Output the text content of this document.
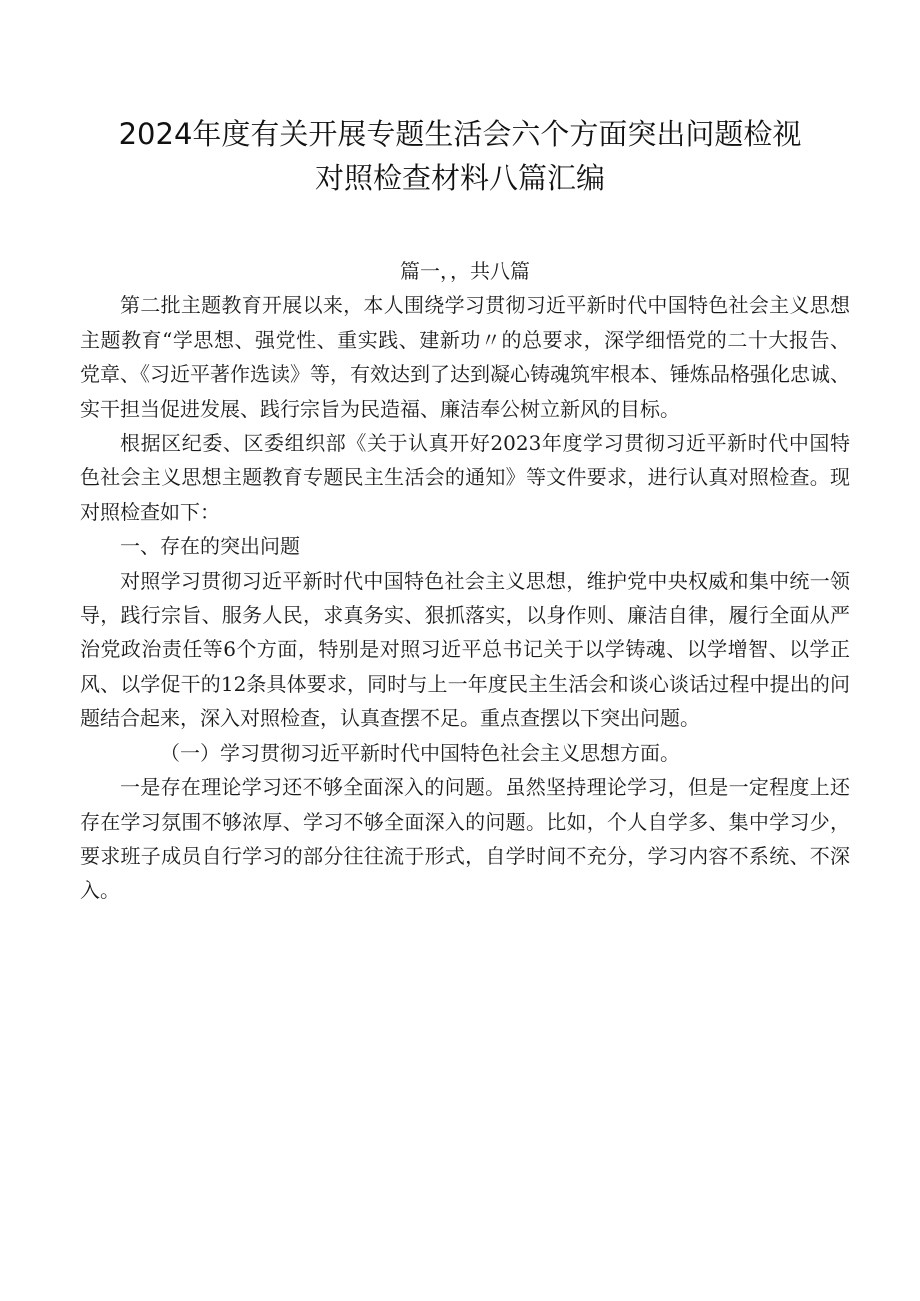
2024年度有关开展专题生活会六个方面突出问题检视
对照检查材料八篇汇编

篇一，，共八篇

第二批主题教育开展以来，本人围绕学习贯彻习近平新时代中国特色社会主义思想主题教育“学思想、强党性、重实践、建新功〃的总要求，深学细悟党的二十大报告、党章、《习近平著作选读》等，有效达到了达到凝心铸魂筑牢根本、锤炼品格强化忠诚、实干担当促进发展、践行宗旨为民造福、廉洁奉公树立新风的目标。

根据区纪委、区委组织部《关于认真开好2023年度学习贯彻习近平新时代中国特色社会主义思想主题教育专题民主生活会的通知》等文件要求，进行认真对照检查。现对照检查如下：

一、存在的突出问题

对照学习贯彻习近平新时代中国特色社会主义思想，维护党中央权威和集中统一领导，践行宗旨、服务人民，求真务实、狠抓落实，以身作则、廉洁自律，履行全面从严治党政治责任等6个方面，特别是对照习近平总书记关于以学铸魂、以学增智、以学正风、以学促干的12条具体要求，同时与上一年度民主生活会和谈心谈话过程中提出的问题结合起来，深入对照检查，认真查摆不足。重点查摆以下突出问题。

（一）学习贯彻习近平新时代中国特色社会主义思想方面。

一是存在理论学习还不够全面深入的问题。虽然坚持理论学习，但是一定程度上还存在学习氛围不够浓厚、学习不够全面深入的问题。比如，个人自学多、集中学习少，要求班子成员自行学习的部分往往流于形式，自学时间不充分，学习内容不系统、不深入。
